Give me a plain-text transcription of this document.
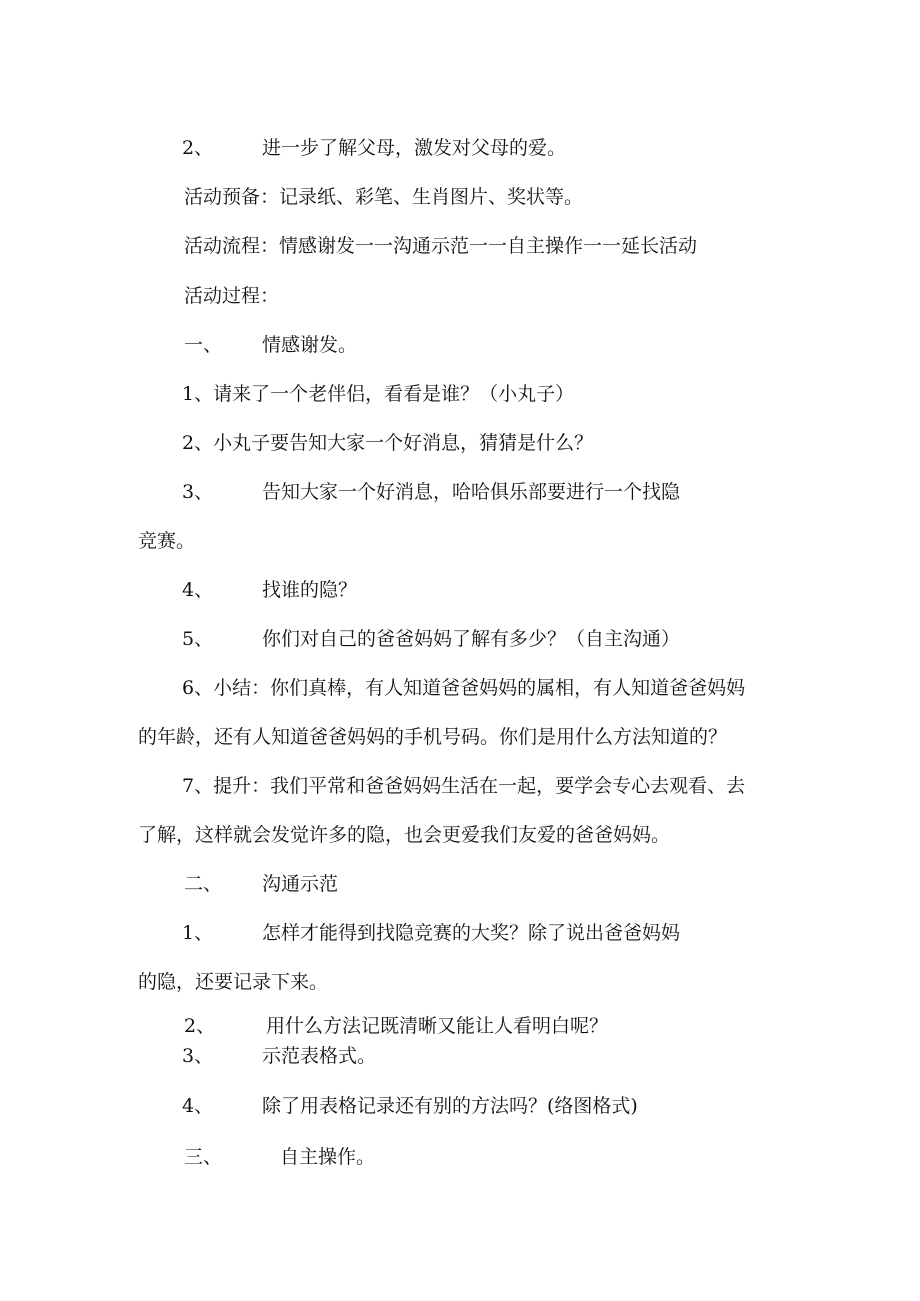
2、	进一步了解父母，激发对父母的爱。

活动预备：记录纸、彩笔、生肖图片、奖状等。

活动流程：情感谢发一一沟通示范一一自主操作一一延长活动

活动过程：

一、 情感谢发。

1、请来了一个老伴侣，看看是谁？（小丸子）

2、小丸子要告知大家一个好消息，猜猜是什么？

3、	告知大家一个好消息，哈哈俱乐部要进行一个找隐

竞赛。

4、	找谁的隐？

5、	你们对自己的爸爸妈妈了解有多少？（自主沟通）

6、小结：你们真棒，有人知道爸爸妈妈的属相，有人知道爸爸妈妈

的年龄，还有人知道爸爸妈妈的手机号码。你们是用什么方法知道的？

7、提升：我们平常和爸爸妈妈生活在一起，要学会专心去观看、去

了解，这样就会发觉许多的隐，也会更爱我们友爱的爸爸妈妈。

二、 沟通示范

1、	怎样才能得到找隐竞赛的大奖？除了说出爸爸妈妈

的隐，还要记录下来。

2、	用什么方法记既清晰又能让人看明白呢？

3、	示范表格式。

4、	除了用表格记录还有别的方法吗？(络图格式)

三、	自主操作。
